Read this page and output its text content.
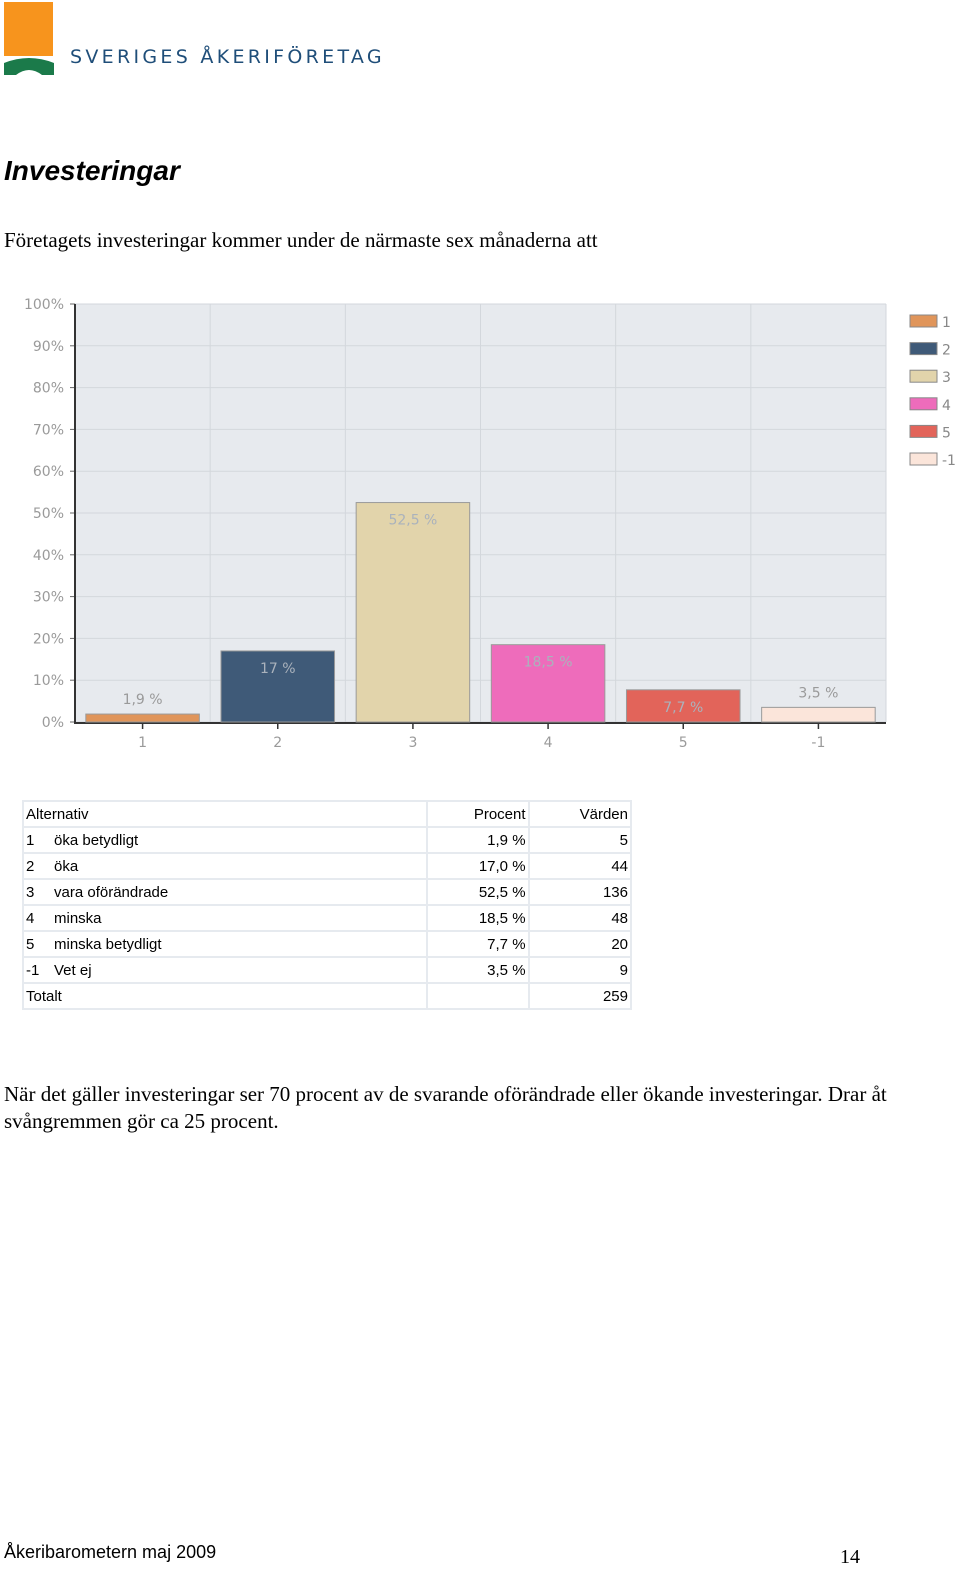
SVERIGES ÅKERIFÖRETAG
Investeringar

Företagets investeringar kommer under de närmaste sex månaderna att

0%
10%
20%
30%
40%
50%
60%
70%
80%
90%
100%
1,9 %
1
17 %
2
52,5 %
3
18,5 %
4
7,7 %
5
3,5 %
-1
1
2
3
4
5
-1
Alternativ	Procent	Värden
1 öka betydligt	1,9 %	5
2 öka	17,0 %	44
3 vara oförändrade	52,5 %	136
4 minska	18,5 %	48
5 minska betydligt	7,7 %	20
-1 Vet ej	3,5 %	9
Totalt		259

När det gäller investeringar ser 70 procent av de svarande oförändrade eller ökande investeringar. Drar åt svångremmen gör ca 25 procent.

Åkeribarometern maj 2009	14
